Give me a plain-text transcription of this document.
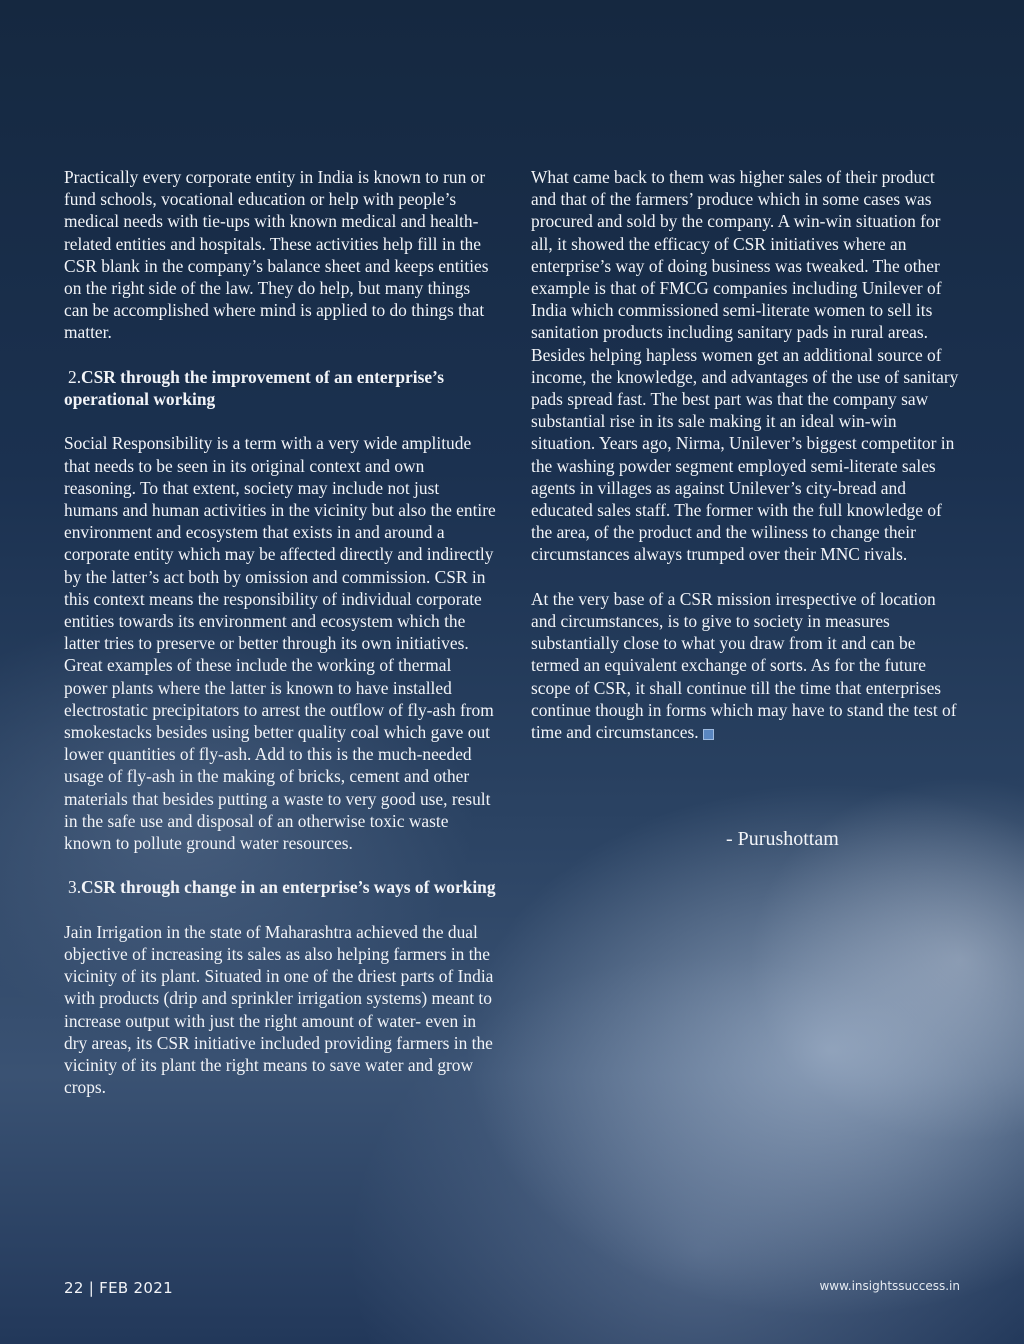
Practically every corporate entity in India is known to run or fund schools, vocational education or help with people’s medical needs with tie-ups with known medical and health-related entities and hospitals. These activities help fill in the CSR blank in the company’s balance sheet and keeps entities on the right side of the law. They do help, but many things can be accomplished where mind is applied to do things that matter.

2.CSR through the improvement of an enterprise’s operational working

Social Responsibility is a term with a very wide amplitude that needs to be seen in its original context and own reasoning. To that extent, society may include not just humans and human activities in the vicinity but also the entire environment and ecosystem that exists in and around a corporate entity which may be affected directly and indirectly by the latter’s act both by omission and commission. CSR in this context means the responsibility of individual corporate entities towards its environment and ecosystem which the latter tries to preserve or better through its own initiatives. Great examples of these include the working of thermal power plants where the latter is known to have installed electrostatic precipitators to arrest the outflow of fly-ash from smokestacks besides using better quality coal which gave out lower quantities of fly-ash. Add to this is the much-needed usage of fly-ash in the making of bricks, cement and other materials that besides putting a waste to very good use, result in the safe use and disposal of an otherwise toxic waste known to pollute ground water resources.

3.CSR through change in an enterprise’s ways of working

Jain Irrigation in the state of Maharashtra achieved the dual objective of increasing its sales as also helping farmers in the vicinity of its plant. Situated in one of the driest parts of India with products (drip and sprinkler irrigation systems) meant to increase output with just the right amount of water- even in dry areas, its CSR initiative included providing farmers in the vicinity of its plant the right means to save water and grow crops.

What came back to them was higher sales of their product and that of the farmers’ produce which in some cases was procured and sold by the company. A win-win situation for all, it showed the efficacy of CSR initiatives where an enterprise’s way of doing business was tweaked. The other example is that of FMCG companies including Unilever of India which commissioned semi-literate women to sell its sanitation products including sanitary pads in rural areas. Besides helping hapless women get an additional source of income, the knowledge, and advantages of the use of sanitary pads spread fast. The best part was that the company saw substantial rise in its sale making it an ideal win-win situation. Years ago, Nirma, Unilever’s biggest competitor in the washing powder segment employed semi-literate sales agents in villages as against Unilever’s city-bread and educated sales staff. The former with the full knowledge of the area, of the product and the wiliness to change their circumstances always trumped over their MNC rivals.

At the very base of a CSR mission irrespective of location and circumstances, is to give to society in measures substantially close to what you draw from it and can be termed an equivalent exchange of sorts. As for the future scope of CSR, it shall continue till the time that enterprises continue though in forms which may have to stand the test of time and circumstances.

- Purushottam
22 | FEB 2021	www.insightssuccess.in
